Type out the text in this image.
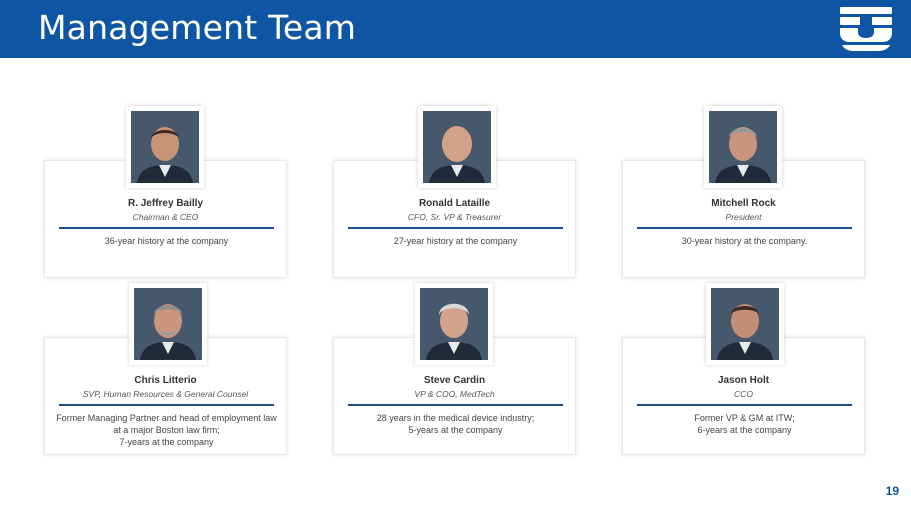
Management Team
R. Jeffrey Bailly
Chairman & CEO
36-year history at the company
Ronald Lataille
CFO, Sr. VP & Treasurer
27-year history at the company
Mitchell Rock
President
30-year history at the company.
Chris Litterio
SVP, Human Resources & General Counsel
Former Managing Partner and head of employment law
at a major Boston law firm;
7-years at the company
Steve Cardin
VP & COO, MedTech
28 years in the medical device industry;
5-years at the company
Jason Holt
CCO
Former VP & GM at ITW;
6-years at the company
19
